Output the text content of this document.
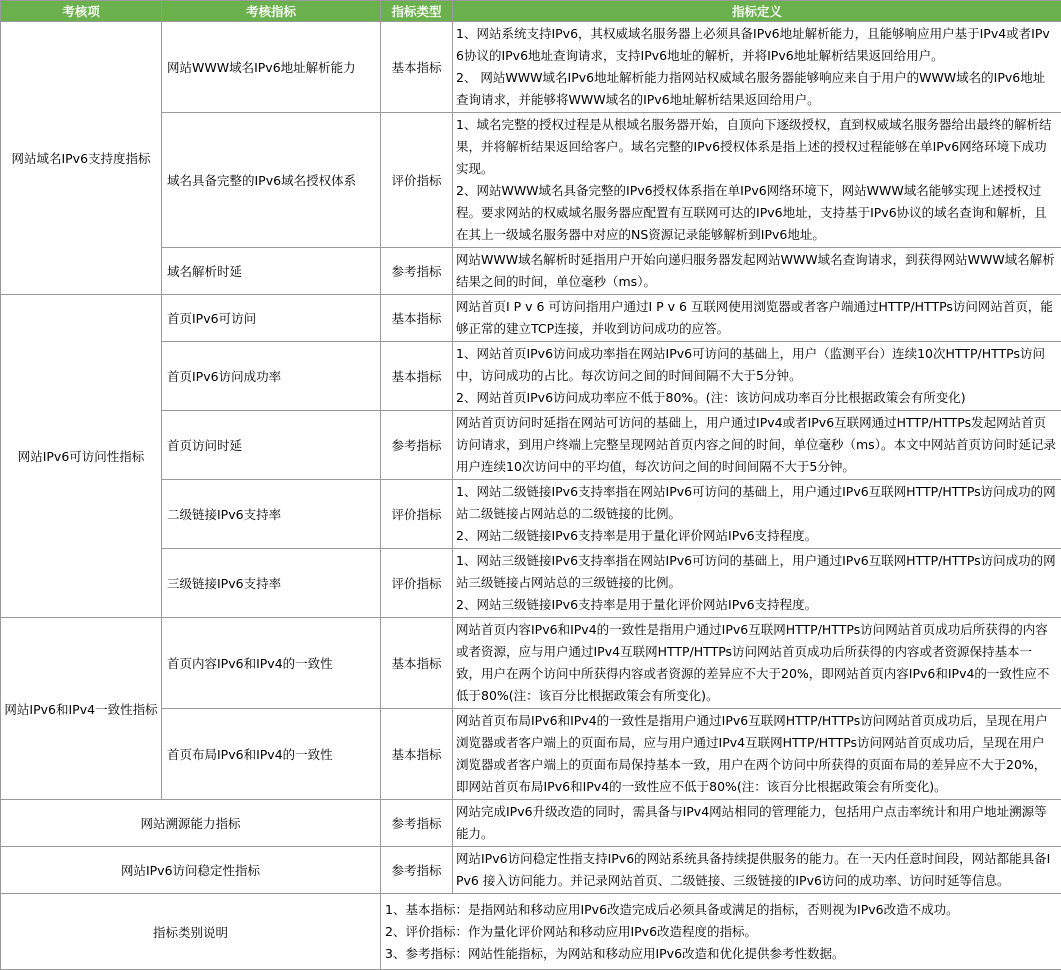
考核项	考核指标	指标类型	指标定义
网站域名IPv6支持度指标	网站WWW域名IPv6地址解析能力	基本指标	1、网站系统支持IPv6，其权威域名服务器上必须具备IPv6地址解析能力，且能够响应用户基于IPv4或者IPv6协议的IPv6地址查询请求，支持IPv6地址的解析，并将IPv6地址解析结果返回给用户。
2、 网站WWW域名IPv6地址解析能力指网站权威域名服务器能够响应来自于用户的WWW域名的IPv6地址查询请求，并能够将WWW域名的IPv6地址解析结果返回给用户。

	域名具备完整的IPv6域名授权体系	评价指标	1、域名完整的授权过程是从根域名服务器开始，自顶向下逐级授权，直到权威域名服务器给出最终的解析结果，并将解析结果返回给客户。域名完整的IPv6授权体系是指上述的授权过程能够在单IPv6网络环境下成功实现。
2、网站WWW域名具备完整的IPv6授权体系指在单IPv6网络环境下，网站WWW域名能够实现上述授权过程。要求网站的权威域名服务器应配置有互联网可达的IPv6地址，支持基于IPv6协议的域名查询和解析，且在其上一级域名服务器中对应的NS资源记录能够解析到IPv6地址。

	域名解析时延	参考指标	网站WWW域名解析时延指用户开始向递归服务器发起网站WWW域名查询请求，到获得网站WWW域名解析结果之间的时间，单位毫秒（ms）。

网站IPv6可访问性指标	首页IPv6可访问	基本指标	网站首页I P v 6 可访问指用户通过I P v 6 互联网使用浏览器或者客户端通过HTTP/HTTPs访问网站首页，能够正常的建立TCP连接，并收到访问成功的应答。

	首页IPv6访问成功率	基本指标	1、网站首页IPv6访问成功率指在网站IPv6可访问的基础上，用户（监测平台）连续10次HTTP/HTTPs访问中，访问成功的占比。每次访问之间的时间间隔不大于5分钟。
2、网站首页IPv6访问成功率应不低于80%。(注：该访问成功率百分比根据政策会有所变化)

	首页访问时延	参考指标	网站首页访问时延指在网站可访问的基础上，用户通过IPv4或者IPv6互联网通过HTTP/HTTPs发起网站首页访问请求，到用户终端上完整呈现网站首页内容之间的时间，单位毫秒（ms）。本文中网站首页访问时延记录用户连续10次访问中的平均值，每次访问之间的时间间隔不大于5分钟。

	二级链接IPv6支持率	评价指标	1、网站二级链接IPv6支持率指在网站IPv6可访问的基础上，用户通过IPv6互联网HTTP/HTTPs访问成功的网站二级链接占网站总的二级链接的比例。
2、网站二级链接IPv6支持率是用于量化评价网站IPv6支持程度。

	三级链接IPv6支持率	评价指标	1、网站三级链接IPv6支持率指在网站IPv6可访问的基础上，用户通过IPv6互联网HTTP/HTTPs访问成功的网站三级链接占网站总的三级链接的比例。
2、网站三级链接IPv6支持率是用于量化评价网站IPv6支持程度。

网站IPv6和IPv4一致性指标	首页内容IPv6和IPv4的一致性	基本指标	网站首页内容IPv6和IPv4的一致性是指用户通过IPv6互联网HTTP/HTTPs访问网站首页成功后所获得的内容或者资源，应与用户通过IPv4互联网HTTP/HTTPs访问网站首页成功后所获得的内容或者资源保持基本一致，用户在两个访问中所获得内容或者资源的差异应不大于20%，即网站首页内容IPv6和IPv4的一致性应不低于80%(注：该百分比根据政策会有所变化)。

	首页布局IPv6和IPv4的一致性	基本指标	网站首页布局IPv6和IPv4的一致性是指用户通过IPv6互联网HTTP/HTTPs访问网站首页成功后，呈现在用户浏览器或者客户端上的页面布局，应与用户通过IPv4互联网HTTP/HTTPs访问网站首页成功后，呈现在用户浏览器或者客户端上的页面布局保持基本一致，用户在两个访问中所获得的页面布局的差异应不大于20%，即网站首页布局IPv6和IPv4的一致性应不低于80%(注：该百分比根据政策会有所变化)。

网站溯源能力指标		参考指标	网站完成IPv6升级改造的同时，需具备与IPv4网站相同的管理能力，包括用户点击率统计和用户地址溯源等能力。

网站IPv6访问稳定性指标		参考指标	网站IPv6访问稳定性指支持IPv6的网站系统具备持续提供服务的能力。在一天内任意时间段，网站都能具备IPv6 接入访问能力。并记录网站首页、二级链接、三级链接的IPv6访问的成功率、访问时延等信息。

指标类别说明		1、基本指标：是指网站和移动应用IPv6改造完成后必须具备或满足的指标，否则视为IPv6改造不成功。
2、评价指标：作为量化评价网站和移动应用IPv6改造程度的指标。
3、参考指标：网站性能指标，为网站和移动应用IPv6改造和优化提供参考性数据。	
